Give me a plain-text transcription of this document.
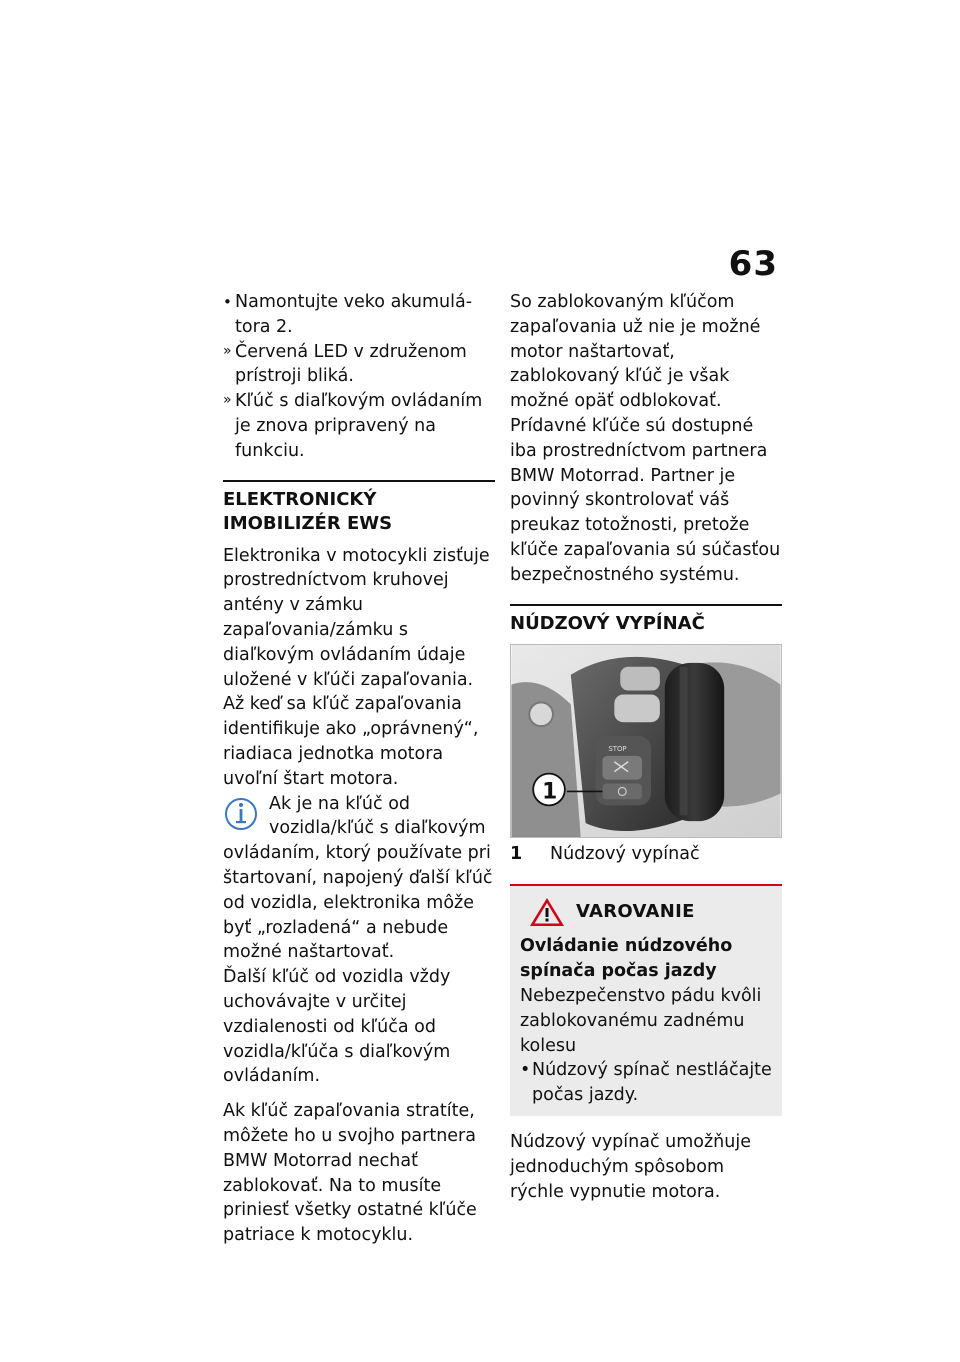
63
• Namontujte veko akumulá-tora 2.
» Červená LED v združenom prístroji bliká.
» Kľúč s diaľkovým ovládaním je znova pripravený na funkciu.
ELEKTRONICKÝ IMOBILIZÉR EWS

Elektronika v motocykli zisťuje prostredníctvom kruhovej antény v zámku zapaľovania/zámku s diaľkovým ovládaním údaje uložené v kľúči zapaľovania. Až keď sa kľúč zapaľovania identifikuje ako „oprávnený“, riadiaca jednotka motora uvoľní štart motora.

Ak je na kľúč od vozidla/kľúč s diaľkovým ovládaním, ktorý používate pri štartovaní, napojený ďalší kľúč od vozidla, elektronika môže byť „rozladená“ a nebude možné naštartovať.

Ďalší kľúč od vozidla vždy uchovávajte v určitej vzdialenosti od kľúča od vozidla/kľúča s diaľkovým ovládaním.

Ak kľúč zapaľovania stratíte, môžete ho u svojho partnera BMW Motorrad nechať zablokovať. Na to musíte priniesť všetky ostatné kľúče patriace k motocyklu.

So zablokovaným kľúčom zapaľovania už nie je možné motor naštartovať, zablokovaný kľúč je však možné opäť odblokovať.

Prídavné kľúče sú dostupné iba prostredníctvom partnera BMW Motorrad. Partner je povinný skontrolovať váš preukaz totožnosti, pretože kľúče zapaľovania sú súčasťou bezpečnostného systému.

NÚDZOVÝ VYPÍNAČ
STOP
1
1	Núdzový vypínač
VAROVANIE
Ovládanie núdzového spínača počas jazdy
Nebezpečenstvo pádu kvôli zablokovanému zadnému kolesu
• Núdzový spínač nestláčajte počas jazdy.

Núdzový vypínač umožňuje jednoduchým spôsobom rýchle vypnutie motora.
